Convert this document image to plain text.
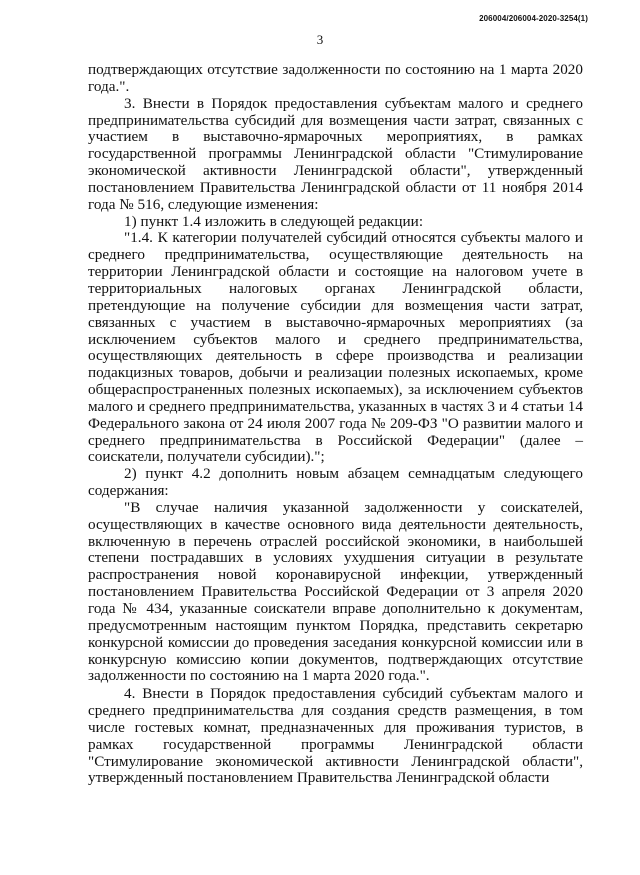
206004/206004-2020-3254(1)
3

подтверждающих отсутствие задолженности по состоянию на 1 марта 2020 года.".

3. Внести в Порядок предоставления субъектам малого и среднего предпринимательства субсидий для возмещения части затрат, связанных с участием в выставочно-ярмарочных мероприятиях, в рамках государственной программы Ленинградской области "Стимулирование экономической активности Ленинградской области", утвержденный постановлением Правительства Ленинградской области от 11 ноября 2014 года № 516, следующие изменения:

1) пункт 1.4 изложить в следующей редакции:

"1.4. К категории получателей субсидий относятся субъекты малого и среднего предпринимательства, осуществляющие деятельность на территории Ленинградской области и состоящие на налоговом учете в территориальных налоговых органах Ленинградской области, претендующие на получение субсидии для возмещения части затрат, связанных с участием в выставочно-ярмарочных мероприятиях (за исключением субъектов малого и среднего предпринимательства, осуществляющих деятельность в сфере производства и реализации подакцизных товаров, добычи и реализации полезных ископаемых, кроме общераспространенных полезных ископаемых), за исключением субъектов малого и среднего предпринимательства, указанных в частях 3 и 4 статьи 14 Федерального закона от 24 июля 2007 года № 209-ФЗ "О развитии малого и среднего предпринимательства в Российской Федерации" (далее – соискатели, получатели субсидии).";

2) пункт 4.2 дополнить новым абзацем семнадцатым следующего содержания:

"В случае наличия указанной задолженности у соискателей, осуществляющих в качестве основного вида деятельности деятельность, включенную в перечень отраслей российской экономики, в наибольшей степени пострадавших в условиях ухудшения ситуации в результате распространения новой коронавирусной инфекции, утвержденный постановлением Правительства Российской Федерации от 3 апреля 2020 года № 434, указанные соискатели вправе дополнительно к документам, предусмотренным настоящим пунктом Порядка, представить секретарю конкурсной комиссии до проведения заседания конкурсной комиссии или в конкурсную комиссию копии документов, подтверждающих отсутствие задолженности по состоянию на 1 марта 2020 года.".

4. Внести в Порядок предоставления субсидий субъектам малого и среднего предпринимательства для создания средств размещения, в том числе гостевых комнат, предназначенных для проживания туристов, в рамках государственной программы Ленинградской области "Стимулирование экономической активности Ленинградской области", утвержденный постановлением Правительства Ленинградской области
